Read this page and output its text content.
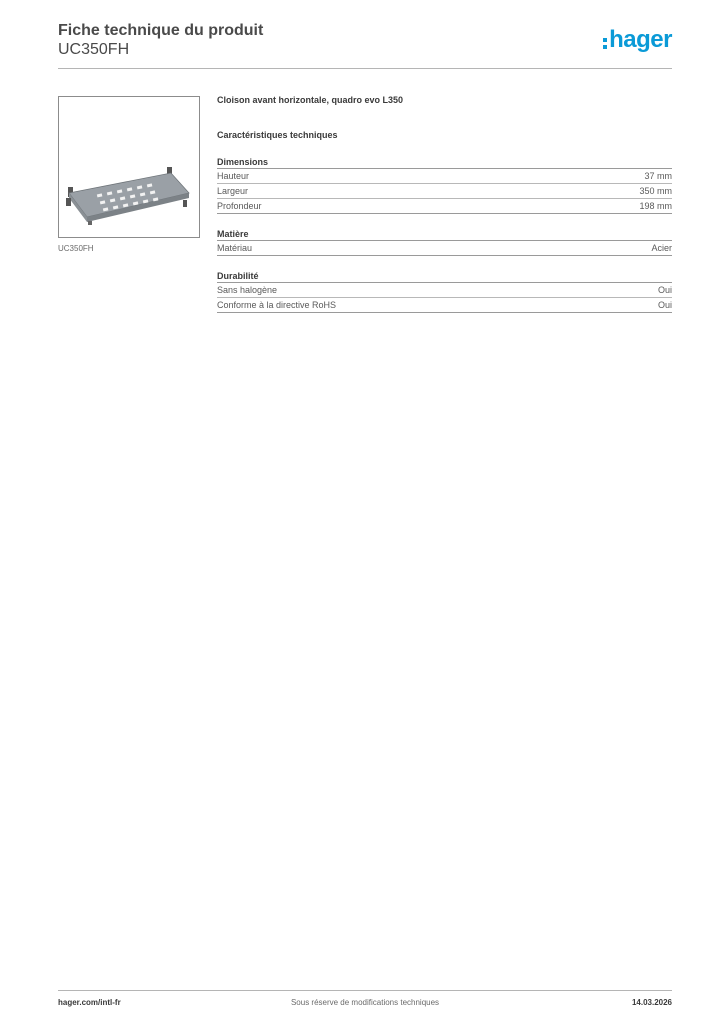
Fiche technique du produit
UC350FH	hager
UC350FH
Cloison avant horizontale, quadro evo L350
Caractéristiques techniques
Dimensions
Hauteur	37 mm
Largeur	350 mm
Profondeur	198 mm
Matière
Matériau	Acier
Durabilité
Sans halogène	Oui
Conforme à la directive RoHS	Oui
hager.com/intl-fr	Sous réserve de modifications techniques	14.03.2026
